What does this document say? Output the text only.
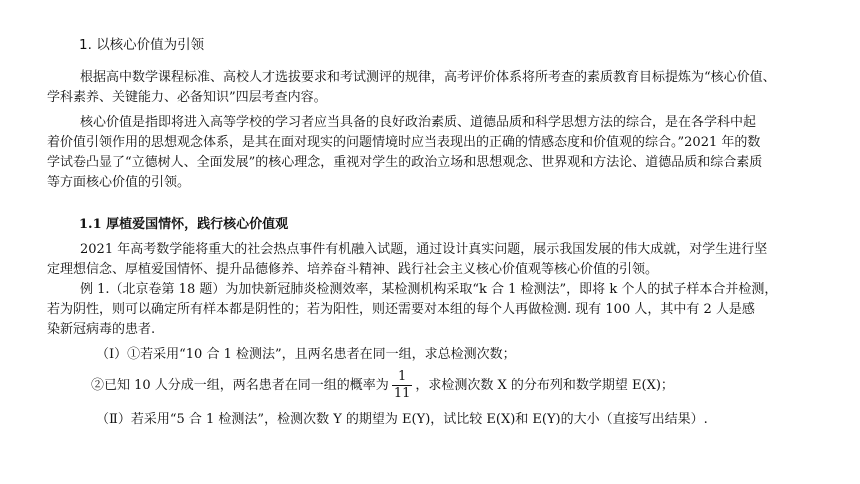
1. 以核心价值为引领
根据高中数学课程标准、高校人才选拔要求和考试测评的规律，高考评价体系将所考查的素质教育目标提炼为“核心价值、
学科素养、关键能力、必备知识”四层考查内容。
核心价值是指即将进入高等学校的学习者应当具备的良好政治素质、道德品质和科学思想方法的综合，是在各学科中起
着价值引领作用的思想观念体系，是其在面对现实的问题情境时应当表现出的正确的情感态度和价值观的综合。”2021 年的数
学试卷凸显了“立德树人、全面发展”的核心理念，重视对学生的政治立场和思想观念、世界观和方法论、道德品质和综合素质
等方面核心价值的引领。
1.1 厚植爱国情怀，践行核心价值观
2021 年高考数学能将重大的社会热点事件有机融入试题，通过设计真实问题，展示我国发展的伟大成就，对学生进行坚
定理想信念、厚植爱国情怀、提升品德修养、培养奋斗精神、践行社会主义核心价值观等核心价值的引领。
例 1.（北京卷第 18 题）为加快新冠肺炎检测效率，某检测机构采取“k 合 1 检测法”，即将 k 个人的拭子样本合并检测，
若为阴性，则可以确定所有样本都是阴性的；若为阳性，则还需要对本组的每个人再做检测. 现有 100 人，其中有 2 人是感
染新冠病毒的患者.
（Ⅰ）①若采用“10 合 1 检测法”，且两名患者在同一组，求总检测次数；
②已知 10 人分成一组，两名患者在同一组的概率为 $\frac{1}{11}$ ，求检测次数 X 的分布列和数学期望 E(X)；
（Ⅱ）若采用“5 合 1 检测法”，检测次数 Y 的期望为 E(Y)，试比较 E(X)和 E(Y)的大小（直接写出结果）.
